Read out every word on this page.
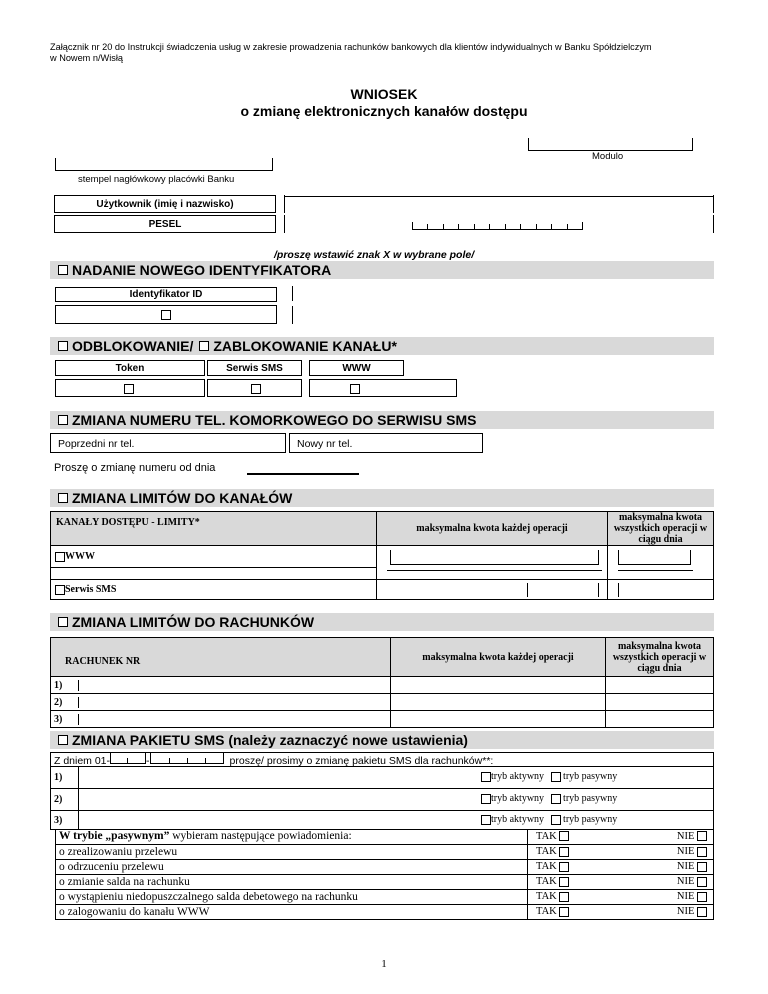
Załącznik nr 20 do Instrukcji świadczenia usług w zakresie prowadzenia rachunków bankowych dla klientów indywidualnych w Banku Spółdzielczym
w Nowem n/Wisłą
WNIOSEK
o zmianę elektronicznych kanałów dostępu
Modulo
stempel nagłówkowy placówki Banku
Użytkownik (imię i nazwisko)
PESEL
/proszę wstawić znak X w wybrane pole/
NADANIE NOWEGO IDENTYFIKATORA
Identyfikator ID
ODBLOKOWANIE/ ZABLOKOWANIE KANAŁU*
Token	Serwis SMS	WWW
ZMIANA NUMERU TEL. KOMORKOWEGO DO SERWISU SMS
Poprzedni nr tel.	Nowy nr tel.
Proszę o zmianę numeru od dnia
ZMIANA LIMITÓW DO KANAŁÓW
KANAŁY DOSTĘPU - LIMITY*	maksymalna kwota każdej operacji	maksymalna kwota wszystkich operacji w ciągu dnia
WWW	

Serwis SMS	

ZMIANA LIMITÓW DO RACHUNKÓW
RACHUNEK NR	maksymalna kwota każdej operacji	maksymalna kwota wszystkich operacji w ciągu dnia
1)		
2)		
3)		
ZMIANA PAKIETU SMS (należy zaznaczyć nowe ustawienia)
Z dniem 01-	-	proszę/ prosimy o zmianę pakietu SMS dla rachunków**:
1)	tryb aktywny tryb pasywny
2)	tryb aktywny tryb pasywny
3)	tryb aktywny tryb pasywny
W trybie „pasywnym” wybieram następujące powiadomienia:	TAK	NIE
o zrealizowaniu przelewu	TAK	NIE
o odrzuceniu przelewu	TAK	NIE
o zmianie salda na rachunku	TAK	NIE
o wystąpieniu niedopuszczalnego salda debetowego na rachunku	TAK	NIE
o zalogowaniu do kanału WWW	TAK	NIE
1
